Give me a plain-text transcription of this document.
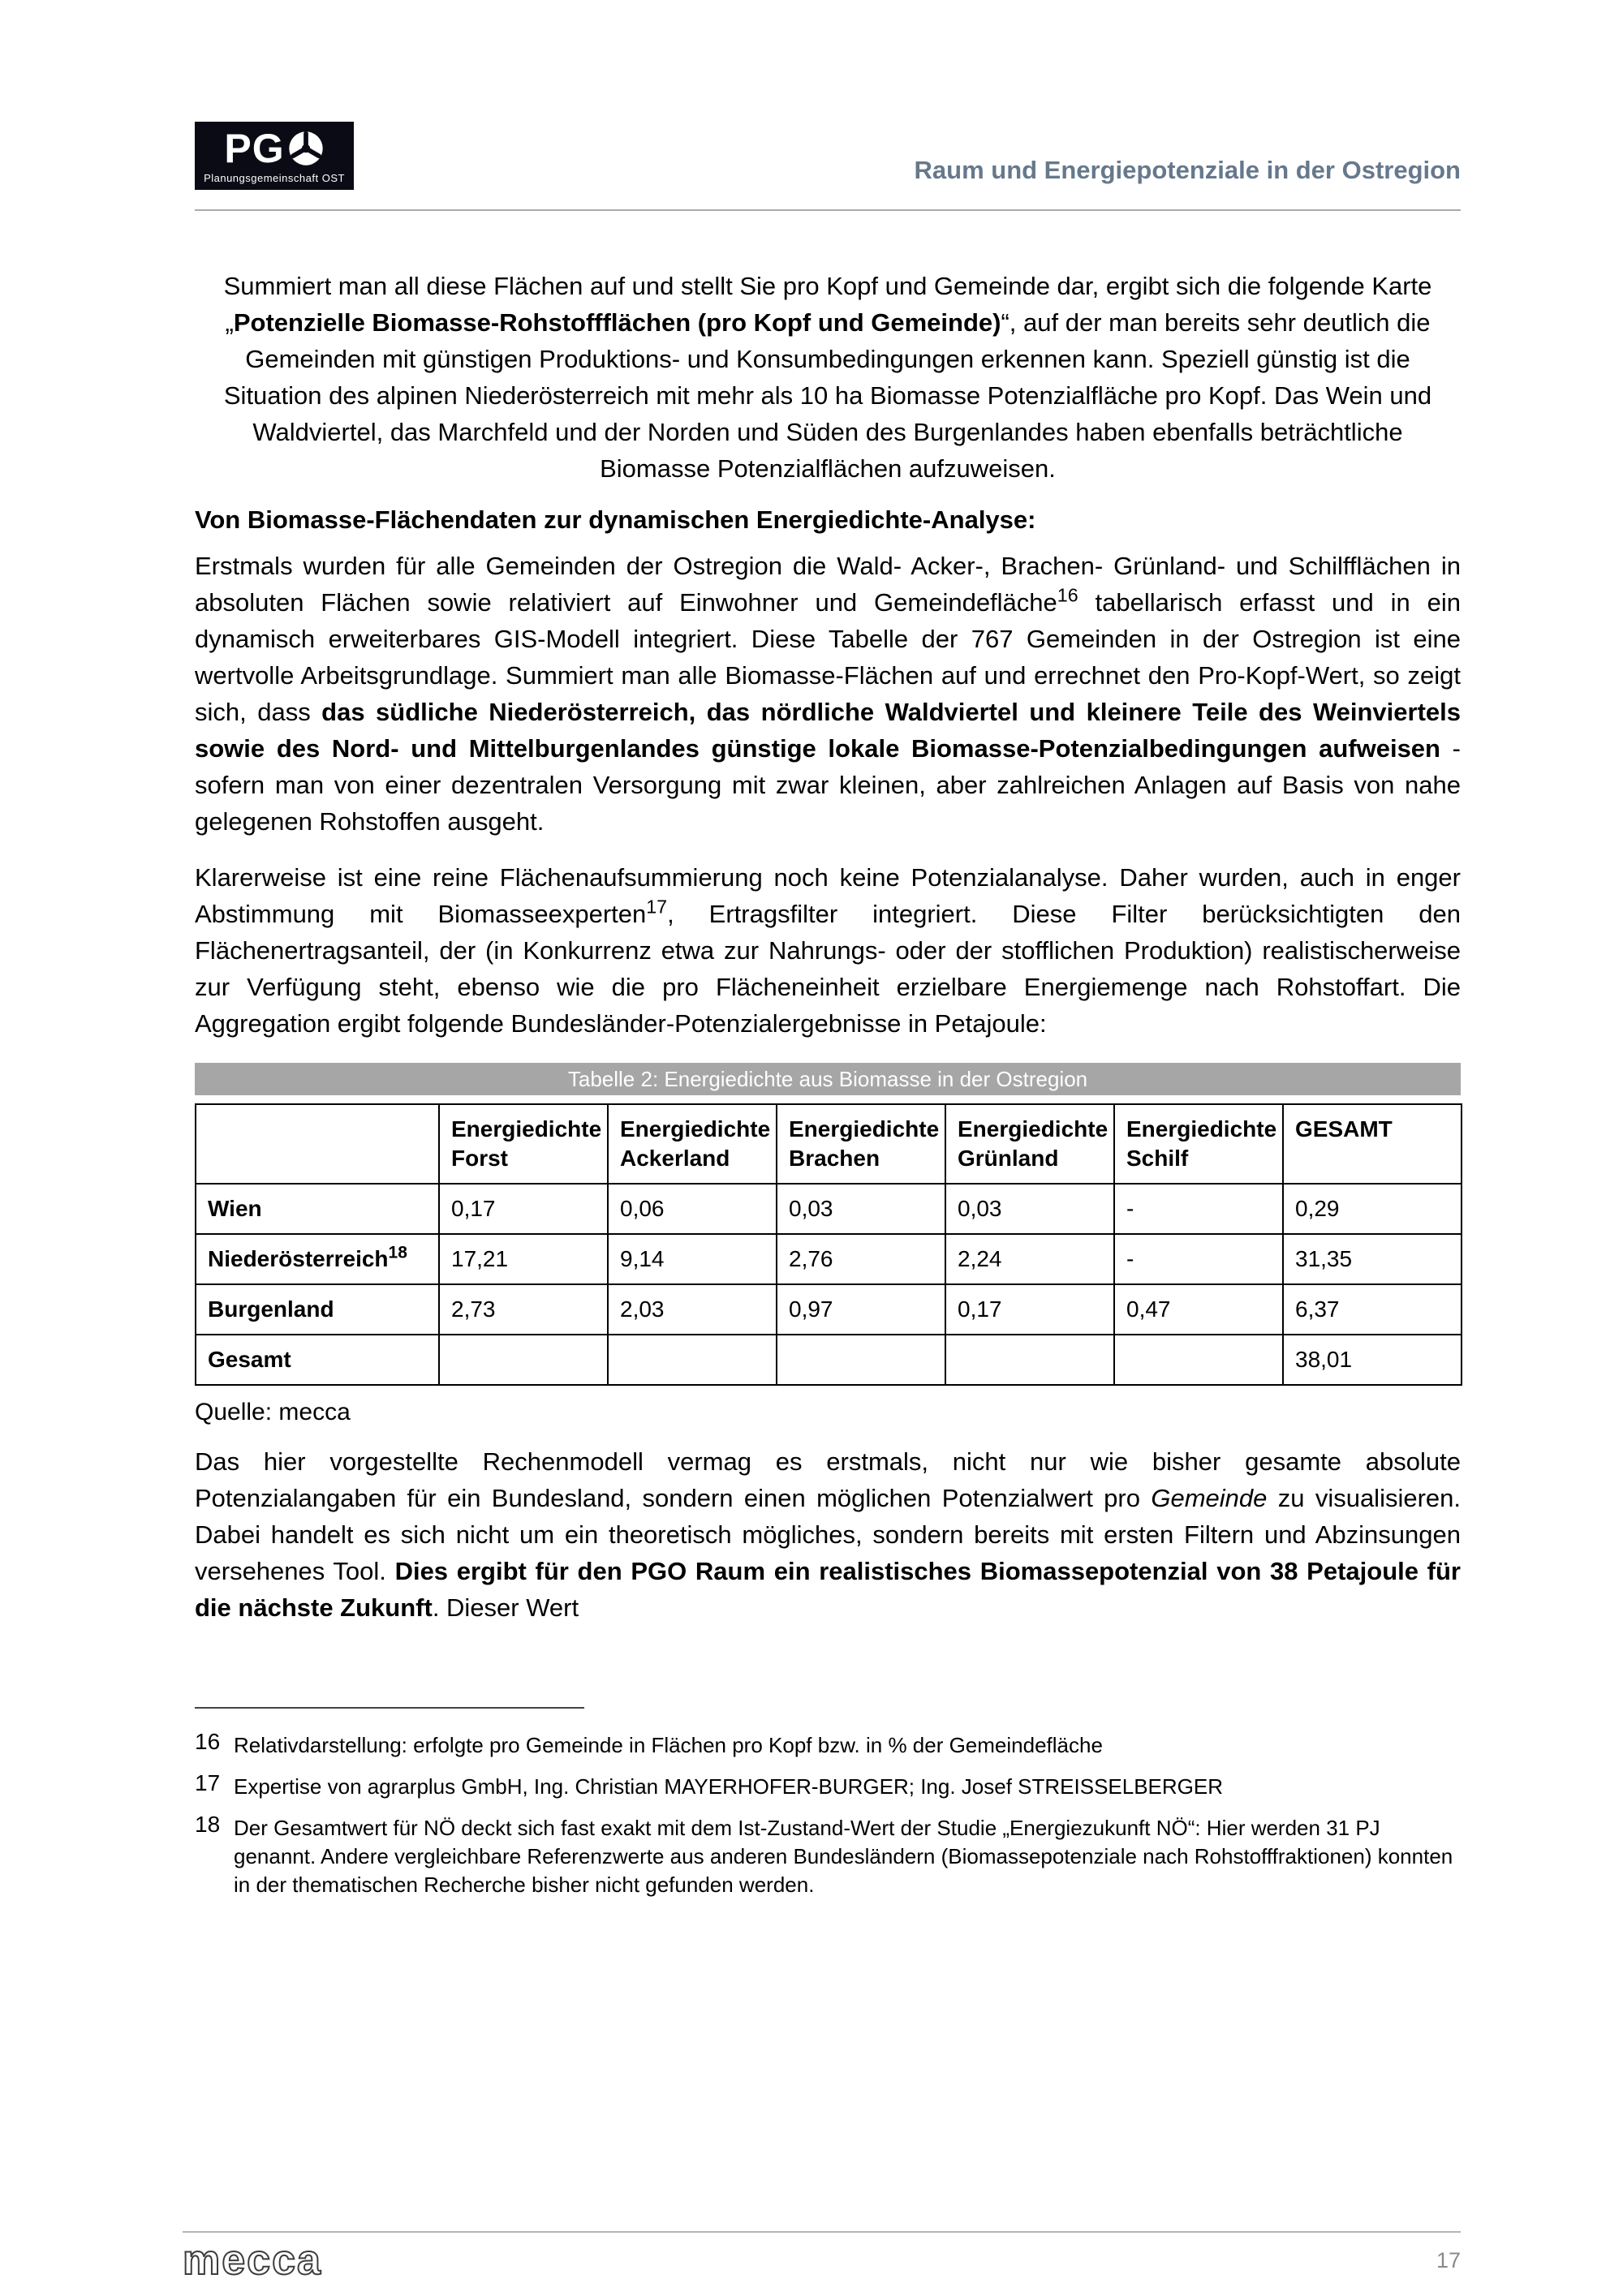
PG
Planungsgemeinschaft OST	Raum und Energiepotenziale in der Ostregion

Summiert man all diese Flächen auf und stellt Sie pro Kopf und Gemeinde dar, ergibt sich die folgende Karte „Potenzielle Biomasse-Rohstoffflächen (pro Kopf und Gemeinde)“, auf der man bereits sehr deutlich die Gemeinden mit günstigen Produktions- und Konsumbedingungen erkennen kann. Speziell günstig ist die Situation des alpinen Niederösterreich mit mehr als 10 ha Biomasse Potenzialfläche pro Kopf. Das Wein und Waldviertel, das Marchfeld und der Norden und Süden des Burgenlandes haben ebenfalls beträchtliche Biomasse Potenzialflächen aufzuweisen.

Von Biomasse-Flächendaten zur dynamischen Energiedichte-Analyse:

Erstmals wurden für alle Gemeinden der Ostregion die Wald- Acker-, Brachen- Grünland- und Schilfflächen in absoluten Flächen sowie relativiert auf Einwohner und Gemeindefläche$^{16}$ tabellarisch erfasst und in ein dynamisch erweiterbares GIS-Modell integriert. Diese Tabelle der 767 Gemeinden in der Ostregion ist eine wertvolle Arbeitsgrundlage. Summiert man alle Biomasse-Flächen auf und errechnet den Pro-Kopf-Wert, so zeigt sich, dass das südliche Niederösterreich, das nördliche Waldviertel und kleinere Teile des Weinviertels sowie des Nord- und Mittelburgenlandes günstige lokale Biomasse-Potenzialbedingungen aufweisen - sofern man von einer dezentralen Versorgung mit zwar kleinen, aber zahlreichen Anlagen auf Basis von nahe gelegenen Rohstoffen ausgeht.

Klarerweise ist eine reine Flächenaufsummierung noch keine Potenzialanalyse. Daher wurden, auch in enger Abstimmung mit Biomasseexperten$^{17}$, Ertragsfilter integriert. Diese Filter berücksichtigten den Flächenertragsanteil, der (in Konkurrenz etwa zur Nahrungs- oder der stofflichen Produktion) realistischerweise zur Verfügung steht, ebenso wie die pro Flächeneinheit erzielbare Energiemenge nach Rohstoffart. Die Aggregation ergibt folgende Bundesländer-Potenzialergebnisse in Petajoule:

Tabelle 2: Energiedichte aus Biomasse in der Ostregion
	Energiedichte Forst	Energiedichte Ackerland	Energiedichte Brachen	Energiedichte Grünland	Energiedichte Schilf	GESAMT
Wien	0,17	0,06	0,03	0,03	-	0,29
Niederösterreich$^{18}$	17,21	9,14	2,76	2,24	-	31,35
Burgenland	2,73	2,03	0,97	0,17	0,47	6,37
Gesamt						38,01
Quelle: mecca

Das hier vorgestellte Rechenmodell vermag es erstmals, nicht nur wie bisher gesamte absolute Potenzialangaben für ein Bundesland, sondern einen möglichen Potenzialwert pro Gemeinde zu visualisieren. Dabei handelt es sich nicht um ein theoretisch mögliches, sondern bereits mit ersten Filtern und Abzinsungen versehenes Tool. Dies ergibt für den PGO Raum ein realistisches Biomassepotenzial von 38 Petajoule für die nächste Zukunft. Dieser Wert

16 Relativdarstellung: erfolgte pro Gemeinde in Flächen pro Kopf bzw. in % der Gemeindefläche
17 Expertise von agrarplus GmbH, Ing. Christian MAYERHOFER-BURGER; Ing. Josef STREISSELBERGER
18 Der Gesamtwert für NÖ deckt sich fast exakt mit dem Ist-Zustand-Wert der Studie „Energiezukunft NÖ“: Hier werden 31 PJ genannt. Andere vergleichbare Referenzwerte aus anderen Bundesländern (Biomassepotenziale nach Rohstofffraktionen) konnten in der thematischen Recherche bisher nicht gefunden werden.
mecca	17
